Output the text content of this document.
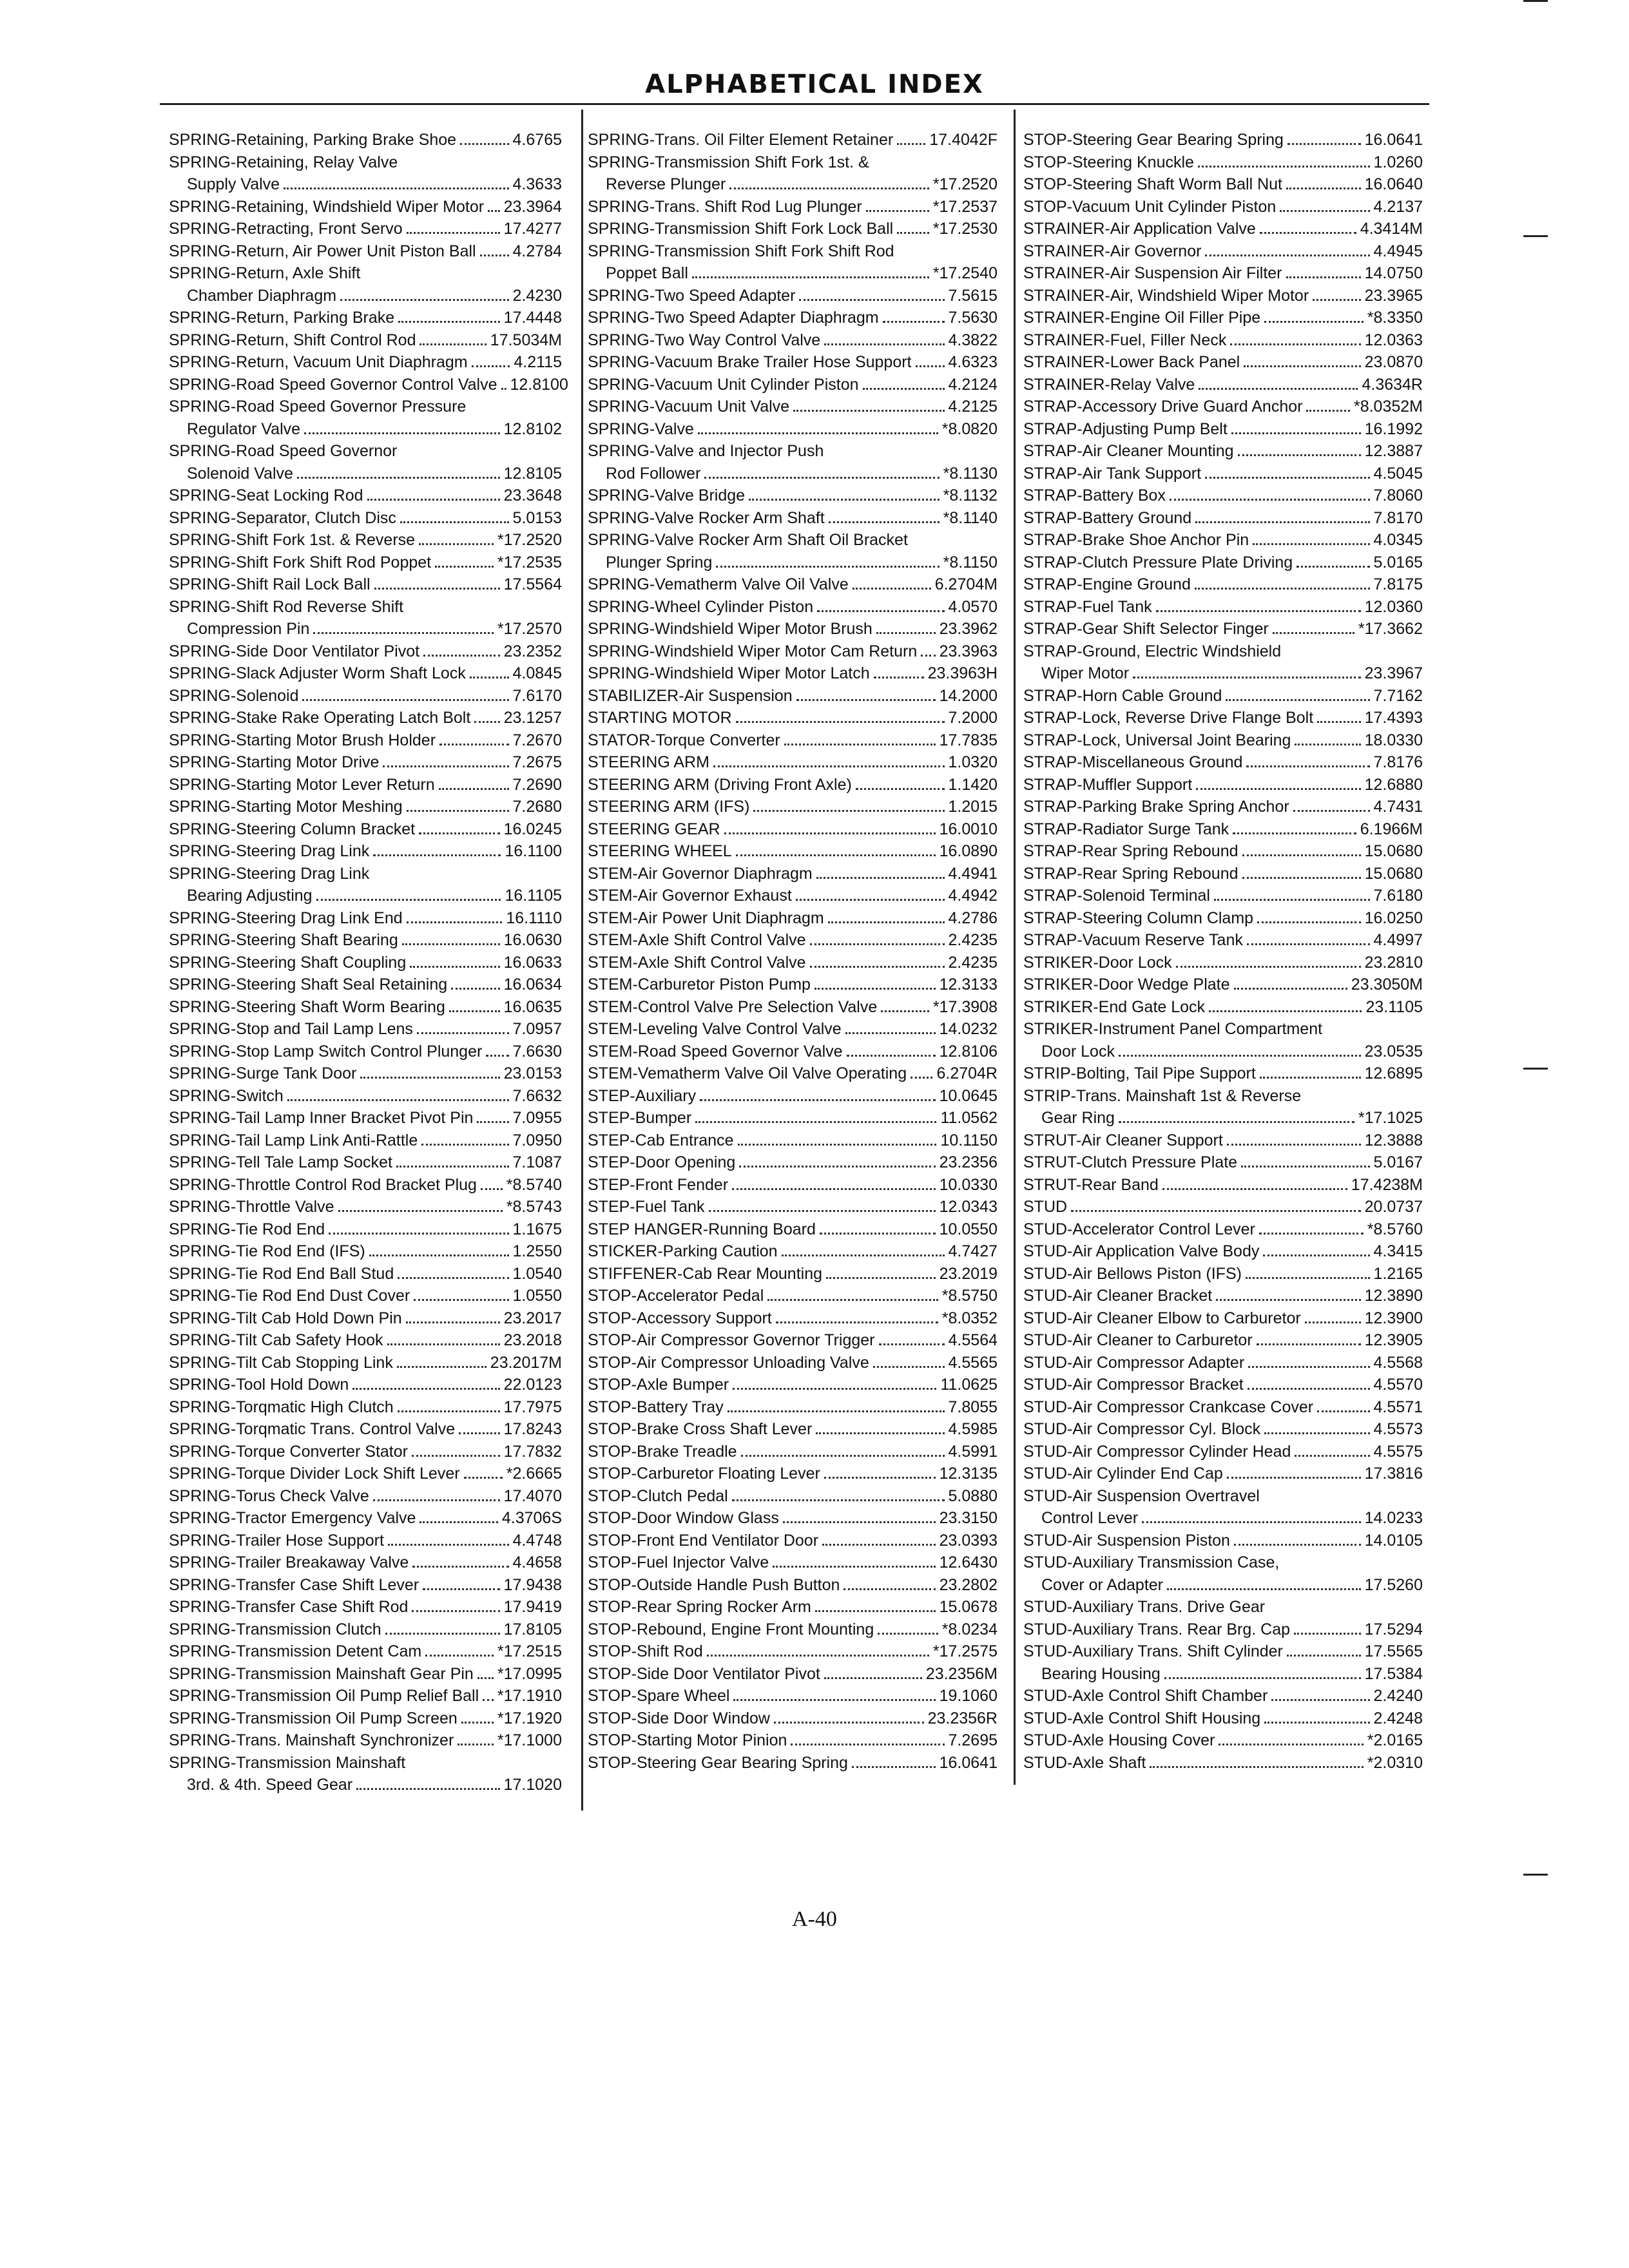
ALPHABETICAL INDEX
SPRING-Retaining, Parking Brake Shoe	4.6765
SPRING-Retaining, Relay Valve
Supply Valve	4.3633
SPRING-Retaining, Windshield Wiper Motor 23.3964
SPRING-Retracting, Front Servo	17.4277
SPRING-Return, Air Power Unit Piston Ball 4.2784
SPRING-Return, Axle Shift
Chamber Diaphragm	2.4230
SPRING-Return, Parking Brake	17.4448
SPRING-Return, Shift Control Rod	17.5034M
SPRING-Return, Vacuum Unit Diaphragm	4.2115
SPRING-Road Speed Governor Control Valve 12.8100
SPRING-Road Speed Governor Pressure
Regulator Valve	12.8102
SPRING-Road Speed Governor
Solenoid Valve	12.8105
SPRING-Seat Locking Rod	23.3648
SPRING-Separator, Clutch Disc	5.0153
SPRING-Shift Fork 1st. & Reverse	*17.2520
SPRING-Shift Fork Shift Rod Poppet	*17.2535
SPRING-Shift Rail Lock Ball	17.5564
SPRING-Shift Rod Reverse Shift
Compression Pin	*17.2570
SPRING-Side Door Ventilator Pivot	23.2352
SPRING-Slack Adjuster Worm Shaft Lock	4.0845
SPRING-Solenoid	7.6170
SPRING-Stake Rake Operating Latch Bolt 23.1257
SPRING-Starting Motor Brush Holder	7.2670
SPRING-Starting Motor Drive	7.2675
SPRING-Starting Motor Lever Return	7.2690
SPRING-Starting Motor Meshing	7.2680
SPRING-Steering Column Bracket	16.0245
SPRING-Steering Drag Link	16.1100
SPRING-Steering Drag Link
Bearing Adjusting	16.1105
SPRING-Steering Drag Link End	16.1110
SPRING-Steering Shaft Bearing	16.0630
SPRING-Steering Shaft Coupling	16.0633
SPRING-Steering Shaft Seal Retaining	16.0634
SPRING-Steering Shaft Worm Bearing	16.0635
SPRING-Stop and Tail Lamp Lens	7.0957
SPRING-Stop Lamp Switch Control Plunger 7.6630
SPRING-Surge Tank Door	23.0153
SPRING-Switch	7.6632
SPRING-Tail Lamp Inner Bracket Pivot Pin 7.0955
SPRING-Tail Lamp Link Anti-Rattle	7.0950
SPRING-Tell Tale Lamp Socket	7.1087
SPRING-Throttle Control Rod Bracket Plug *8.5740
SPRING-Throttle Valve	*8.5743
SPRING-Tie Rod End	1.1675
SPRING-Tie Rod End (IFS)	1.2550
SPRING-Tie Rod End Ball Stud	1.0540
SPRING-Tie Rod End Dust Cover	1.0550
SPRING-Tilt Cab Hold Down Pin	23.2017
SPRING-Tilt Cab Safety Hook	23.2018
SPRING-Tilt Cab Stopping Link	23.2017M
SPRING-Tool Hold Down	22.0123
SPRING-Torqmatic High Clutch	17.7975
SPRING-Torqmatic Trans. Control Valve	17.8243
SPRING-Torque Converter Stator	17.7832
SPRING-Torque Divider Lock Shift Lever	*2.6665
SPRING-Torus Check Valve	17.4070
SPRING-Tractor Emergency Valve	4.3706S
SPRING-Trailer Hose Support	4.4748
SPRING-Trailer Breakaway Valve	4.4658
SPRING-Transfer Case Shift Lever	17.9438
SPRING-Transfer Case Shift Rod	17.9419
SPRING-Transmission Clutch	17.8105
SPRING-Transmission Detent Cam	*17.2515
SPRING-Transmission Mainshaft Gear Pin *17.0995
SPRING-Transmission Oil Pump Relief Ball *17.1910
SPRING-Transmission Oil Pump Screen *17.1920
SPRING-Trans. Mainshaft Synchronizer	*17.1000
SPRING-Transmission Mainshaft
3rd. & 4th. Speed Gear	17.1020
SPRING-Trans. Oil Filter Element Retainer 17.4042F
SPRING-Transmission Shift Fork 1st. &
Reverse Plunger	*17.2520
SPRING-Trans. Shift Rod Lug Plunger	*17.2537
SPRING-Transmission Shift Fork Lock Ball *17.2530
SPRING-Transmission Shift Fork Shift Rod
Poppet Ball	*17.2540
SPRING-Two Speed Adapter	7.5615
SPRING-Two Speed Adapter Diaphragm	7.5630
SPRING-Two Way Control Valve	4.3822
SPRING-Vacuum Brake Trailer Hose Support 4.6323
SPRING-Vacuum Unit Cylinder Piston	4.2124
SPRING-Vacuum Unit Valve	4.2125
SPRING-Valve	*8.0820
SPRING-Valve and Injector Push
Rod Follower	*8.1130
SPRING-Valve Bridge	*8.1132
SPRING-Valve Rocker Arm Shaft	*8.1140
SPRING-Valve Rocker Arm Shaft Oil Bracket
Plunger Spring	*8.1150
SPRING-Vematherm Valve Oil Valve	6.2704M
SPRING-Wheel Cylinder Piston	4.0570
SPRING-Windshield Wiper Motor Brush	23.3962
SPRING-Windshield Wiper Motor Cam Return 23.3963
SPRING-Windshield Wiper Motor Latch	23.3963H
STABILIZER-Air Suspension	14.2000
STARTING MOTOR	7.2000
STATOR-Torque Converter	17.7835
STEERING ARM	1.0320
STEERING ARM (Driving Front Axle)	1.1420
STEERING ARM (IFS)	1.2015
STEERING GEAR	16.0010
STEERING WHEEL	16.0890
STEM-Air Governor Diaphragm	4.4941
STEM-Air Governor Exhaust	4.4942
STEM-Air Power Unit Diaphragm	4.2786
STEM-Axle Shift Control Valve	2.4235
STEM-Axle Shift Control Valve	2.4235
STEM-Carburetor Piston Pump	12.3133
STEM-Control Valve Pre Selection Valve	*17.3908
STEM-Leveling Valve Control Valve	14.0232
STEM-Road Speed Governor Valve	12.8106
STEM-Vematherm Valve Oil Valve Operating 6.2704R
STEP-Auxiliary	10.0645
STEP-Bumper	11.0562
STEP-Cab Entrance	10.1150
STEP-Door Opening	23.2356
STEP-Front Fender	10.0330
STEP-Fuel Tank	12.0343
STEP HANGER-Running Board	10.0550
STICKER-Parking Caution	4.7427
STIFFENER-Cab Rear Mounting	23.2019
STOP-Accelerator Pedal	*8.5750
STOP-Accessory Support	*8.0352
STOP-Air Compressor Governor Trigger	4.5564
STOP-Air Compressor Unloading Valve	4.5565
STOP-Axle Bumper	11.0625
STOP-Battery Tray	7.8055
STOP-Brake Cross Shaft Lever	4.5985
STOP-Brake Treadle	4.5991
STOP-Carburetor Floating Lever	12.3135
STOP-Clutch Pedal	5.0880
STOP-Door Window Glass	23.3150
STOP-Front End Ventilator Door	23.0393
STOP-Fuel Injector Valve	12.6430
STOP-Outside Handle Push Button	23.2802
STOP-Rear Spring Rocker Arm	15.0678
STOP-Rebound, Engine Front Mounting	*8.0234
STOP-Shift Rod	*17.2575
STOP-Side Door Ventilator Pivot	23.2356M
STOP-Spare Wheel	19.1060
STOP-Side Door Window	23.2356R
STOP-Starting Motor Pinion	7.2695
STOP-Steering Gear Bearing Spring	16.0641
STOP-Steering Gear Bearing Spring	16.0641
STOP-Steering Knuckle	1.0260
STOP-Steering Shaft Worm Ball Nut	16.0640
STOP-Vacuum Unit Cylinder Piston	4.2137
STRAINER-Air Application Valve	4.3414M
STRAINER-Air Governor	4.4945
STRAINER-Air Suspension Air Filter	14.0750
STRAINER-Air, Windshield Wiper Motor	23.3965
STRAINER-Engine Oil Filler Pipe	*8.3350
STRAINER-Fuel, Filler Neck	12.0363
STRAINER-Lower Back Panel	23.0870
STRAINER-Relay Valve	4.3634R
STRAP-Accessory Drive Guard Anchor	*8.0352M
STRAP-Adjusting Pump Belt	16.1992
STRAP-Air Cleaner Mounting	12.3887
STRAP-Air Tank Support	4.5045
STRAP-Battery Box	7.8060
STRAP-Battery Ground	7.8170
STRAP-Brake Shoe Anchor Pin	4.0345
STRAP-Clutch Pressure Plate Driving	5.0165
STRAP-Engine Ground	7.8175
STRAP-Fuel Tank	12.0360
STRAP-Gear Shift Selector Finger	*17.3662
STRAP-Ground, Electric Windshield
Wiper Motor	23.3967
STRAP-Horn Cable Ground	7.7162
STRAP-Lock, Reverse Drive Flange Bolt	17.4393
STRAP-Lock, Universal Joint Bearing	18.0330
STRAP-Miscellaneous Ground	7.8176
STRAP-Muffler Support	12.6880
STRAP-Parking Brake Spring Anchor	4.7431
STRAP-Radiator Surge Tank	6.1966M
STRAP-Rear Spring Rebound	15.0680
STRAP-Rear Spring Rebound	15.0680
STRAP-Solenoid Terminal	7.6180
STRAP-Steering Column Clamp	16.0250
STRAP-Vacuum Reserve Tank	4.4997
STRIKER-Door Lock	23.2810
STRIKER-Door Wedge Plate	23.3050M
STRIKER-End Gate Lock	23.1105
STRIKER-Instrument Panel Compartment
Door Lock	23.0535
STRIP-Bolting, Tail Pipe Support	12.6895
STRIP-Trans. Mainshaft 1st & Reverse
Gear Ring	*17.1025
STRUT-Air Cleaner Support	12.3888
STRUT-Clutch Pressure Plate	5.0167
STRUT-Rear Band	17.4238M
STUD	20.0737
STUD-Accelerator Control Lever	*8.5760
STUD-Air Application Valve Body	4.3415
STUD-Air Bellows Piston (IFS)	1.2165
STUD-Air Cleaner Bracket	12.3890
STUD-Air Cleaner Elbow to Carburetor	12.3900
STUD-Air Cleaner to Carburetor	12.3905
STUD-Air Compressor Adapter	4.5568
STUD-Air Compressor Bracket	4.5570
STUD-Air Compressor Crankcase Cover	4.5571
STUD-Air Compressor Cyl. Block	4.5573
STUD-Air Compressor Cylinder Head	4.5575
STUD-Air Cylinder End Cap	17.3816
STUD-Air Suspension Overtravel
Control Lever	14.0233
STUD-Air Suspension Piston	14.0105
STUD-Auxiliary Transmission Case,
Cover or Adapter	17.5260
STUD-Auxiliary Trans. Drive Gear
STUD-Auxiliary Trans. Rear Brg. Cap	17.5294
STUD-Auxiliary Trans. Shift Cylinder	17.5565
Bearing Housing	17.5384
STUD-Axle Control Shift Chamber	2.4240
STUD-Axle Control Shift Housing	2.4248
STUD-Axle Housing Cover	*2.0165
STUD-Axle Shaft	*2.0310
A-40
